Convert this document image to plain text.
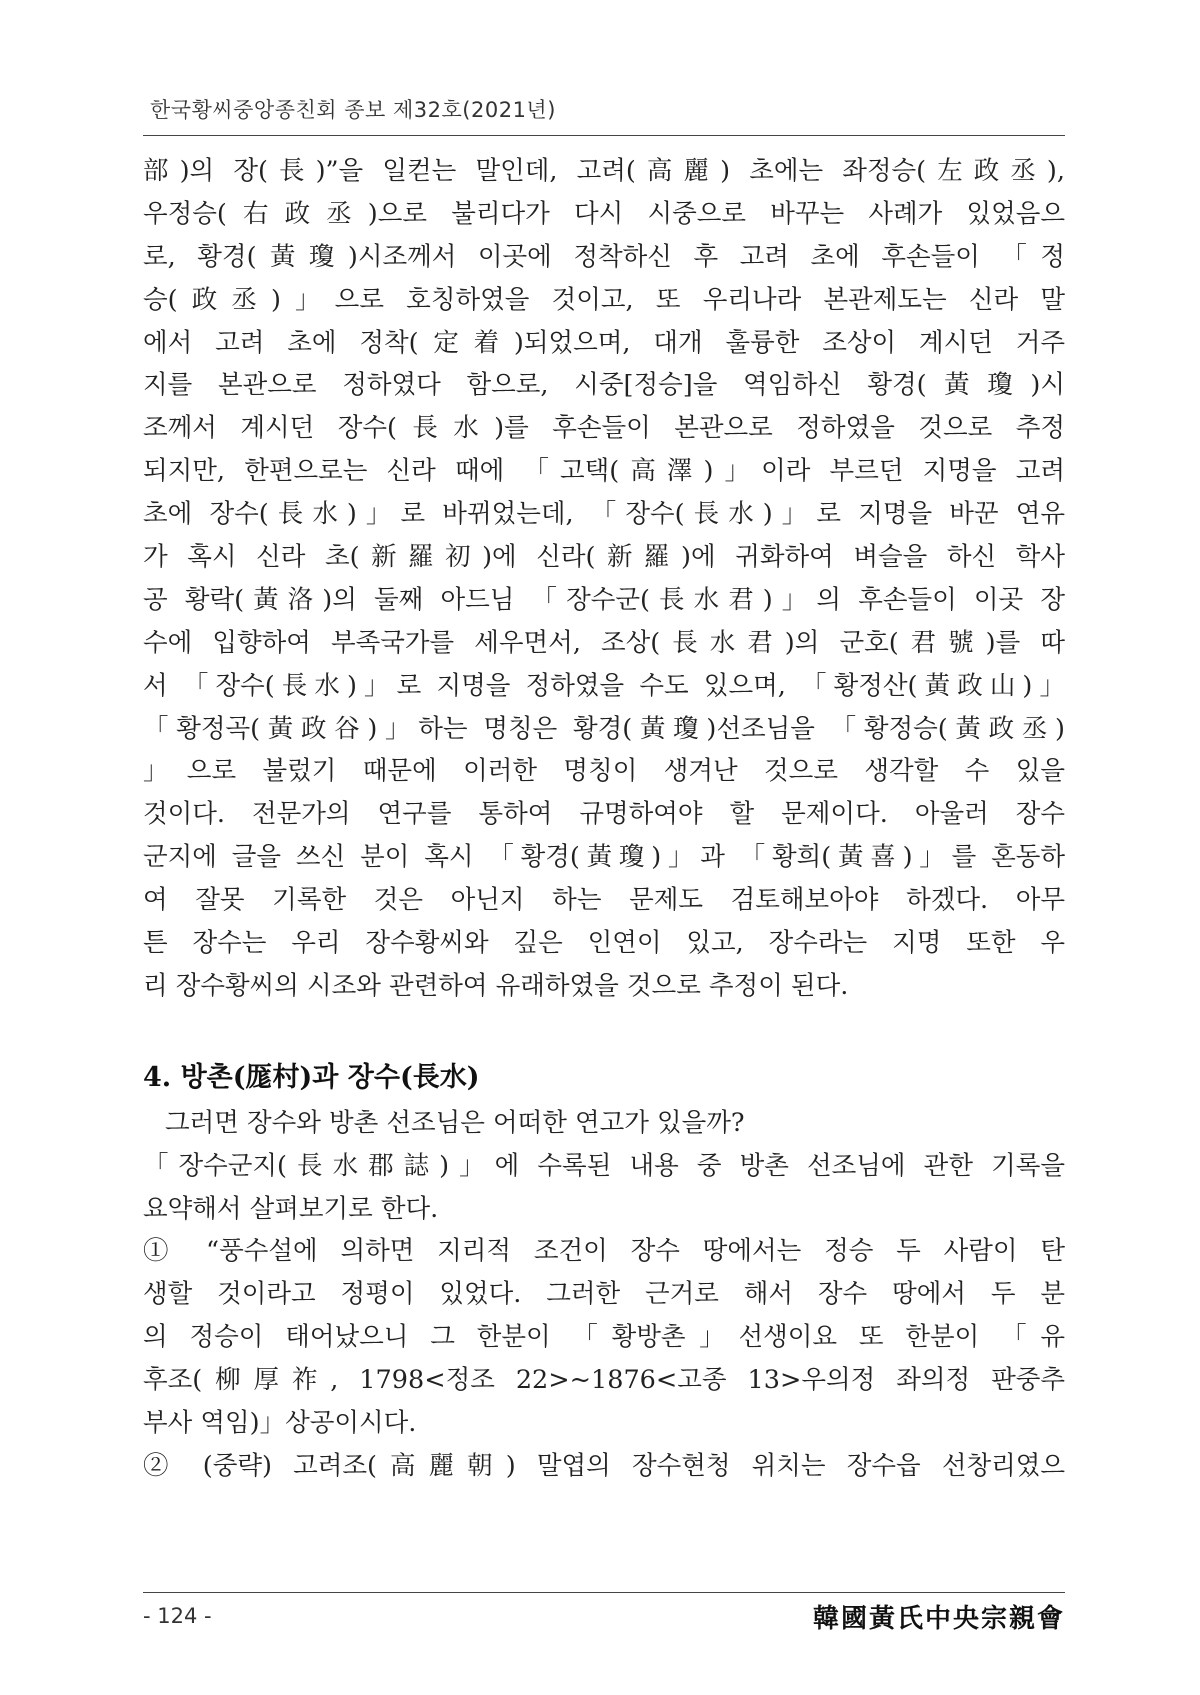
한국황씨중앙종친회 종보 제32호(2021년)
部)의 장(長)”을 일컫는 말인데, 고려(高麗) 초에는 좌정승(左政丞),
우정승(右政丞)으로 불리다가 다시 시중으로 바꾸는 사례가 있었음으
로, 황경(黃瓊)시조께서 이곳에 정착하신 후 고려 초에 후손들이 「정
승(政丞)」으로 호칭하였을 것이고, 또 우리나라 본관제도는 신라 말
에서 고려 초에 정착(定着)되었으며, 대개 훌륭한 조상이 계시던 거주
지를 본관으로 정하였다 함으로, 시중[정승]을 역임하신 황경(黃瓊)시
조께서 계시던 장수(長水)를 후손들이 본관으로 정하였을 것으로 추정
되지만, 한편으로는 신라 때에 「고택(高澤)」이라 부르던 지명을 고려
초에 장수(長水)」로 바뀌었는데, 「장수(長水)」로 지명을 바꾼 연유
가 혹시 신라 초(新羅初)에 신라(新羅)에 귀화하여 벼슬을 하신 학사
공 황락(黃洛)의 둘째 아드님 「장수군(長水君)」의 후손들이 이곳 장
수에 입향하여 부족국가를 세우면서, 조상(長水君)의 군호(君號)를 따
서 「장수(長水)」로 지명을 정하였을 수도 있으며, 「황정산(黃政山)」
「황정곡(黃政谷)」하는 명칭은 황경(黃瓊)선조님을 「황정승(黃政丞)
」으로 불렀기 때문에 이러한 명칭이 생겨난 것으로 생각할 수 있을
것이다. 전문가의 연구를 통하여 규명하여야 할 문제이다. 아울러 장수
군지에 글을 쓰신 분이 혹시 「황경(黃瓊)」과 「황희(黃喜)」를 혼동하
여 잘못 기록한 것은 아닌지 하는 문제도 검토해보아야 하겠다. 아무
튼 장수는 우리 장수황씨와 깊은 인연이 있고, 장수라는 지명 또한 우
리 장수황씨의 시조와 관련하여 유래하였을 것으로 추정이 된다.
4. 방촌(厖村)과 장수(長水)
그러면 장수와 방촌 선조님은 어떠한 연고가 있을까?
「장수군지(長水郡誌)」에 수록된 내용 중 방촌 선조님에 관한 기록을
요약해서 살펴보기로 한다.
① “풍수설에 의하면 지리적 조건이 장수 땅에서는 정승 두 사람이 탄
생할 것이라고 정평이 있었다. 그러한 근거로 해서 장수 땅에서 두 분
의 정승이 태어났으니 그 한분이 「황방촌」선생이요 또 한분이 「유
후조(柳厚祚, 1798<정조 22>~1876<고종 13>우의정 좌의정 판중추
부사 역임)」상공이시다.
② (중략) 고려조(高麗朝) 말엽의 장수현청 위치는 장수읍 선창리였으
- 124 -	韓國黃氏中央宗親會
